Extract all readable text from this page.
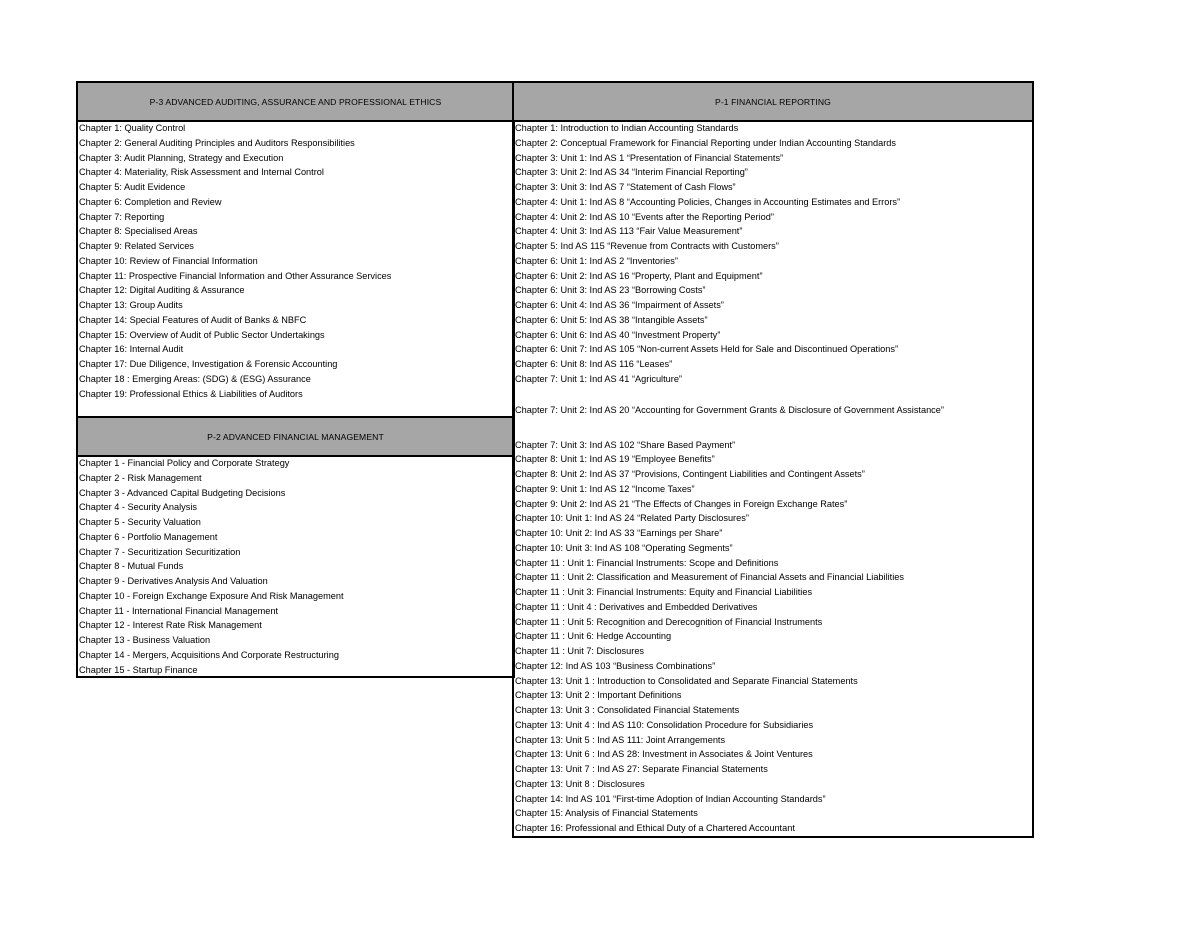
P-3 ADVANCED AUDITING, ASSURANCE AND PROFESSIONAL ETHICS
Chapter 1: Quality Control
Chapter 2: General Auditing Principles and Auditors Responsibilities
Chapter 3: Audit Planning, Strategy and Execution
Chapter 4: Materiality, Risk Assessment and Internal Control
Chapter 5: Audit Evidence
Chapter 6: Completion and Review
Chapter 7: Reporting
Chapter 8: Specialised Areas
Chapter 9: Related Services
Chapter 10: Review of Financial Information
Chapter 11: Prospective Financial Information and Other Assurance Services
Chapter 12: Digital Auditing & Assurance
Chapter 13: Group Audits
Chapter 14: Special Features of Audit of Banks & NBFC
Chapter 15: Overview of Audit of Public Sector Undertakings
Chapter 16: Internal Audit
Chapter 17: Due Diligence, Investigation & Forensic Accounting
Chapter 18 : Emerging Areas: (SDG) & (ESG) Assurance
Chapter 19: Professional Ethics & Liabilities of Auditors
P-2 ADVANCED FINANCIAL MANAGEMENT
Chapter 1 - Financial Policy and Corporate Strategy
Chapter 2 - Risk Management
Chapter 3 - Advanced Capital Budgeting Decisions
Chapter 4 - Security Analysis
Chapter 5 - Security Valuation
Chapter 6 - Portfolio Management
Chapter 7 - Securitization Securitization
Chapter 8 - Mutual Funds
Chapter 9 - Derivatives Analysis And Valuation
Chapter 10 - Foreign Exchange Exposure And Risk Management
Chapter 11 - International Financial Management
Chapter 12 - Interest Rate Risk Management
Chapter 13 - Business Valuation
Chapter 14 - Mergers, Acquisitions And Corporate Restructuring
Chapter 15 - Startup Finance
P-1 FINANCIAL REPORTING
Chapter 1: Introduction to Indian Accounting Standards
Chapter 2: Conceptual Framework for Financial Reporting under Indian Accounting Standards
Chapter 3: Unit 1: Ind AS 1 “Presentation of Financial Statements”
Chapter 3: Unit 2: Ind AS 34 “Interim Financial Reporting”
Chapter 3: Unit 3: Ind AS 7 “Statement of Cash Flows”
Chapter 4: Unit 1: Ind AS 8 “Accounting Policies, Changes in Accounting Estimates and Errors”
Chapter 4: Unit 2: Ind AS 10 “Events after the Reporting Period”
Chapter 4: Unit 3: Ind AS 113 “Fair Value Measurement”
Chapter 5: Ind AS 115 “Revenue from Contracts with Customers”
Chapter 6: Unit 1: Ind AS 2 “Inventories”
Chapter 6: Unit 2: Ind AS 16 “Property, Plant and Equipment”
Chapter 6: Unit 3: Ind AS 23 “Borrowing Costs”
Chapter 6: Unit 4: Ind AS 36 “Impairment of Assets”
Chapter 6: Unit 5: Ind AS 38 “Intangible Assets”
Chapter 6: Unit 6: Ind AS 40 “Investment Property”
Chapter 6: Unit 7: Ind AS 105 “Non-current Assets Held for Sale and Discontinued Operations”
Chapter 6: Unit 8: Ind AS 116 “Leases”
Chapter 7: Unit 1: Ind AS 41 “Agriculture”
Chapter 7: Unit 2: Ind AS 20 “Accounting for Government Grants & Disclosure of Government Assistance”
Chapter 7: Unit 3: Ind AS 102 “Share Based Payment”
Chapter 8: Unit 1: Ind AS 19 “Employee Benefits”
Chapter 8: Unit 2: Ind AS 37 “Provisions, Contingent Liabilities and Contingent Assets”
Chapter 9: Unit 1: Ind AS 12 “Income Taxes”
Chapter 9: Unit 2: Ind AS 21 “The Effects of Changes in Foreign Exchange Rates”
Chapter 10: Unit 1: Ind AS 24 “Related Party Disclosures”
Chapter 10: Unit 2: Ind AS 33 “Earnings per Share”
Chapter 10: Unit 3: Ind AS 108 “Operating Segments”
Chapter 11 : Unit 1: Financial Instruments: Scope and Definitions
Chapter 11 : Unit 2: Classification and Measurement of Financial Assets and Financial Liabilities
Chapter 11 : Unit 3: Financial Instruments: Equity and Financial Liabilities
Chapter 11 : Unit 4 : Derivatives and Embedded Derivatives
Chapter 11 : Unit 5: Recognition and Derecognition of Financial Instruments
Chapter 11 : Unit 6: Hedge Accounting
Chapter 11 : Unit 7: Disclosures
Chapter 12: Ind AS 103 “Business Combinations”
Chapter 13: Unit 1 : Introduction to Consolidated and Separate Financial Statements
Chapter 13: Unit 2 : Important Definitions
Chapter 13: Unit 3 : Consolidated Financial Statements
Chapter 13: Unit 4 : Ind AS 110: Consolidation Procedure for Subsidiaries
Chapter 13: Unit 5 : Ind AS 111: Joint Arrangements
Chapter 13: Unit 6 : Ind AS 28: Investment in Associates & Joint Ventures
Chapter 13: Unit 7 : Ind AS 27: Separate Financial Statements
Chapter 13: Unit 8 : Disclosures
Chapter 14: Ind AS 101 “First-time Adoption of Indian Accounting Standards”
Chapter 15: Analysis of Financial Statements
Chapter 16: Professional and Ethical Duty of a Chartered Accountant
